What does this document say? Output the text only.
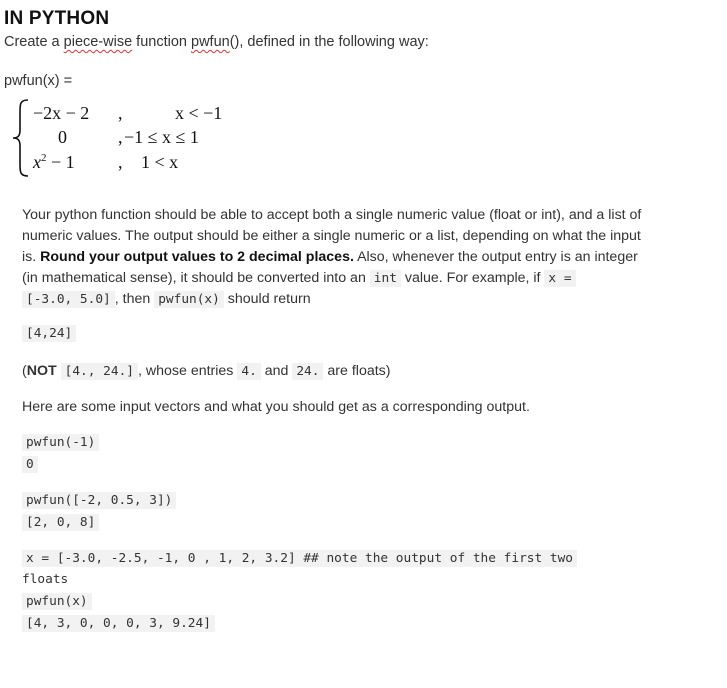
IN PYTHON
Create a piece-wise function pwfun(), defined in the following way:
pwfun(x) =
−2x − 2 ,	x < −1
0	, −1 ≤ x ≤ 1
$x^2 - 1$ , 1 < x
Your python function should be able to accept both a single numeric value (float or int), and a list of numeric values. The output should be either a single numeric or a list, depending on what the input is. Round your output values to 2 decimal places. Also, whenever the output entry is an integer (in mathematical sense), it should be converted into an int value. For example, if x =
[-3.0, 5.0] , then pwfun(x) should return
[4,24]
(NOT [4., 24.] , whose entries 4. and 24. are floats)
Here are some input vectors and what you should get as a corresponding output.
pwfun(-1)
0
pwfun([-2, 0.5, 3])
[2, 0, 8]
x = [-3.0, -2.5, -1, 0 , 1, 2, 3.2] ## note the output of the first two
floats
pwfun(x)
[4, 3, 0, 0, 0, 3, 9.24]
